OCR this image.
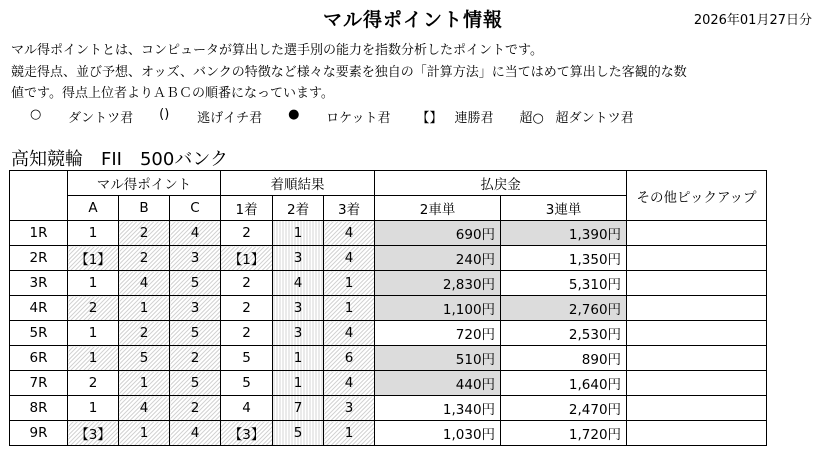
マル得ポイント情報	2026年01月27日分
マル得ポイントとは、コンピュータが算出した選手別の能力を指数分析したポイントです。
競走得点、並び予想、オッズ、バンクの特徴など様々な要素を独自の「計算方法」に当てはめて算出した客観的な数
値です。得点上位者よりＡＢＣの順番になっています。
○	ダントツ君 ()	逃げイチ君 ●	ロケット君 【】 連勝君 超○ 超ダントツ君
高知競輪　FII　500バンク
	マル得ポイント			着順結果			払戻金		その他ピックアップ
	A	B	C	1着	2着	3着	2車単	3連単	
1R	1	2	4	2	1	4	690円	1,390円	
2R	【1】	2	3	【1】	3	4	240円	1,350円	
3R	1	4	5	2	4	1	2,830円	5,310円	
4R	2	1	3	2	3	1	1,100円	2,760円	
5R	1	2	5	2	3	4	720円	2,530円	
6R	1	5	2	5	1	6	510円	890円	
7R	2	1	5	5	1	4	440円	1,640円	
8R	1	4	2	4	7	3	1,340円	2,470円	
9R	【3】	1	4	【3】	5	1	1,030円	1,720円	
